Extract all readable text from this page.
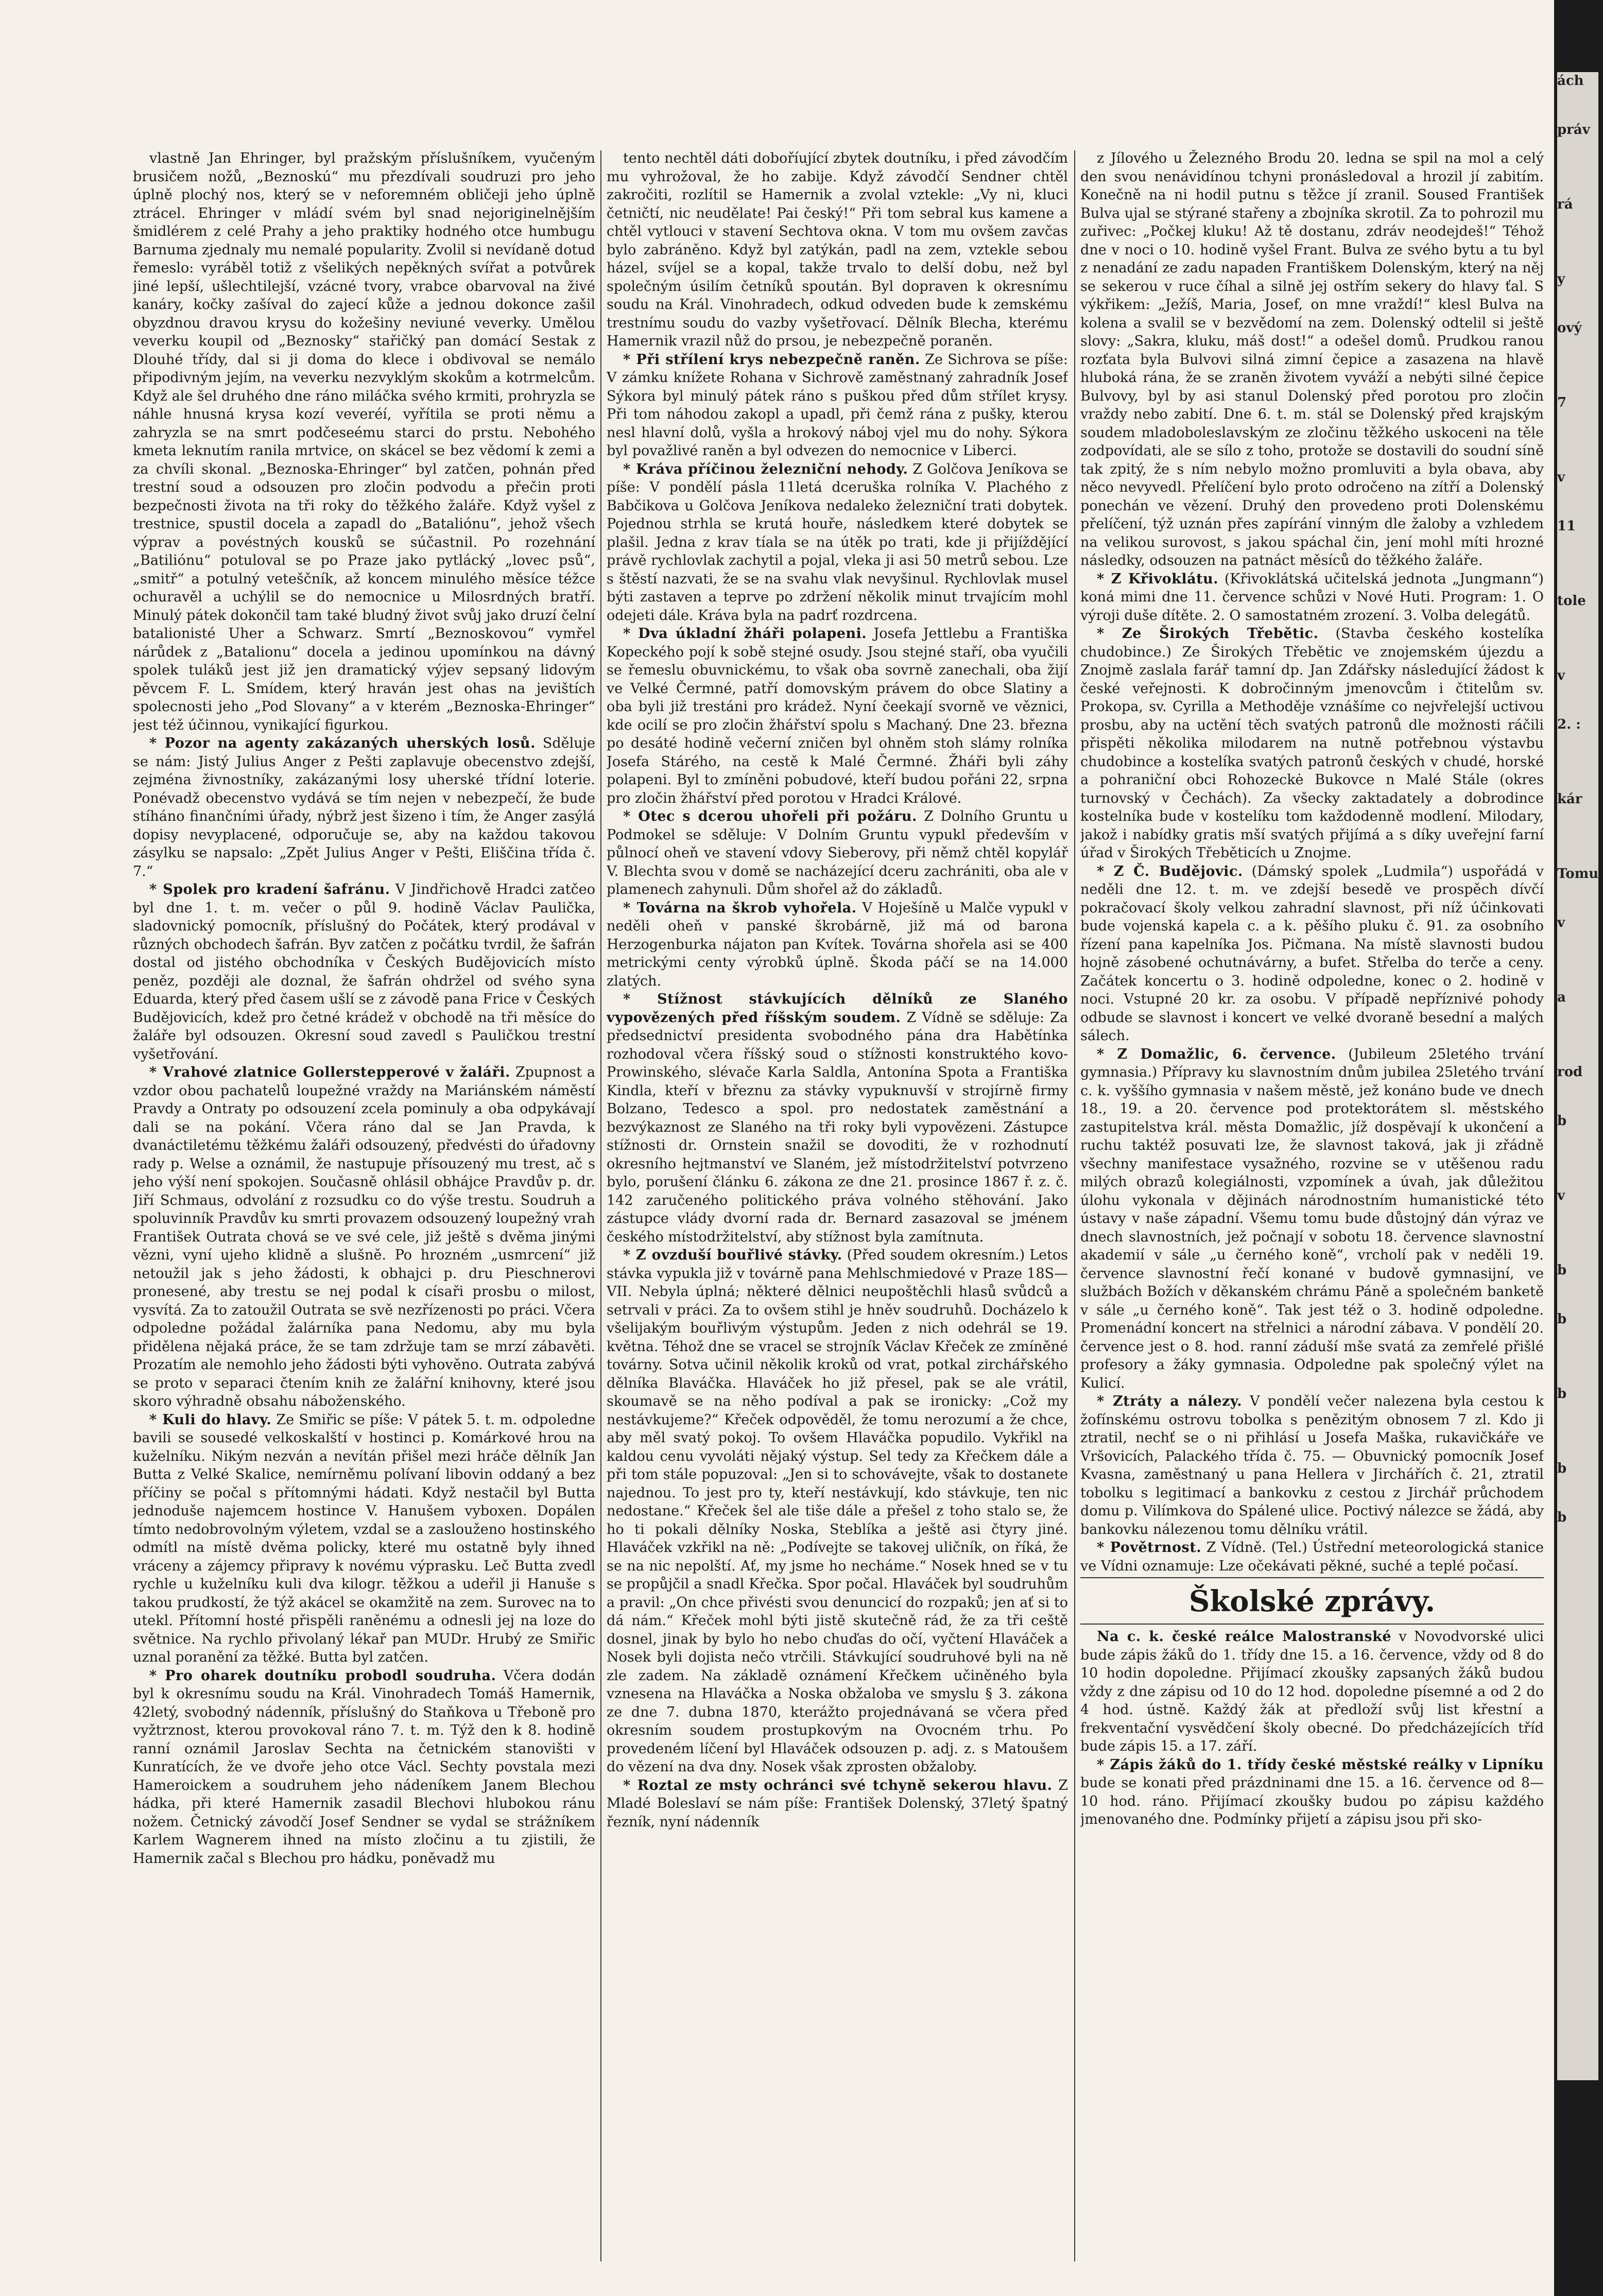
vlastně Jan Ehringer, byl pražským příslušníkem, vyučeným brusičem nožů, „Beznoskú“ mu přezdívali soudruzi pro jeho úplně plochý nos, který se v neforemném obličeji jeho úplně ztrácel. Ehringer v mládí svém byl snad nejoriginelnějším šmidlérem z celé Prahy a jeho praktiky hodného otce humbugu Barnuma zjednaly mu nemalé popularity. Zvolil si nevídaně dotud řemeslo: vyráběl totiž z všelikých nepěkných svířat a potvůrek jiné lepší, ušlechtilejší, vzácné tvory, vrabce obarvoval na živé kanáry, kočky zašíval do zajecí kůže a jednou dokonce zašil obyzdnou dravou krysu do kožešiny neviuné veverky. Umělou veverku koupil od „Beznosky“ stařičký pan domácí Sestak z Dlouhé třídy, dal si ji doma do klece i obdivoval se nemálo připodivným jejím, na veverku nezvyklým skokům a kotrmelcům. Když ale šel druhého dne ráno miláčka svého krmiti, prohryzla se náhle hnusná krysa kozí veveréí, vyřítila se proti němu a zahryzla se na smrt podčeseému starci do prstu. Nebohého kmeta leknutím ranila mrtvice, on skácel se bez vědomí k zemi a za chvíli skonal. „Beznoska-Ehringer“ byl zatčen, pohnán před trestní soud a odsouzen pro zločin podvodu a přečin proti bezpečnosti života na tři roky do těžkého žaláře. Když vyšel z trestnice, spustil docela a zapadl do „Bataliónu“, jehož všech výprav a povéstných kousků se súčastnil. Po rozehnání „Batiliónu“ potuloval se po Praze jako pytlácký „lovec psů“, „smitř“ a potulný veteščník, až koncem minulého měsíce téžce ochuravěl a uchýlil se do nemocnice u Milosrdných bratří. Minulý pátek dokončil tam také bludný život svůj jako druzí čelní batalionisté Uher a Schwarz. Smrtí „Beznoskovou“ vymřel nárůdek z „Batalionu“ docela a jedinou upomínkou na dávný spolek tuláků jest již jen dramatický výjev sepsaný lidovým pěvcem F. L. Smídem, který hraván jest ohas na jevištích spolecnosti jeho „Pod Slovany“ a v kterém „Beznoska-Ehringer“ jest též účinnou, vynikající figurkou.

* Pozor na agenty zakázaných uherských losů. Sděluje se nám: Jistý Julius Anger z Pešti zaplavuje obecenstvo zdejší, zejména živnostníky, zakázanými losy uherské třídní loterie. Ponévadž obecenstvo vydává se tím nejen v nebezpečí, že bude stíháno finančními úřady, nýbrž jest šizeno i tím, že Anger zasýlá dopisy nevyplacené, odporučuje se, aby na každou takovou zásylku se napsalo: „Zpět Julius Anger v Pešti, Eliščina třída č. 7.“

* Spolek pro kradení šafránu. V Jindřichově Hradci zatčeo byl dne 1. t. m. večer o půl 9. hodině Václav Paulička, sladovnický pomocník, příslušný do Počátek, který prodával v různých obchodech šafrán. Byv zatčen z počátku tvrdil, že šafrán dostal od jistého obchodníka v Českých Budějovicích místo peněz, později ale doznal, že šafrán ohdržel od svého syna Eduarda, který před časem ušlí se z závodě pana Frice v Českých Budějovicích, kdež pro četné krádež v obchodě na tři měsíce do žaláře byl odsouzen. Okresní soud zavedl s Pauličkou trestní vyšetřování.

* Vrahové zlatnice Gollerstepperové v žaláři. Zpupnost a vzdor obou pachatelů loupežné vraždy na Mariánském náměstí Pravdy a Ontraty po odsouzení zcela pominuly a oba odpykávají dali se na pokání. Včera ráno dal se Jan Pravda, k dvanáctiletému těžkému žaláři odsouzený, předvésti do úřadovny rady p. Welse a oznámil, že nastupuje přísouzený mu trest, ač s jeho výší není spokojen. Současně ohlásil obhájce Pravdův p. dr. Jiří Schmaus, odvolání z rozsudku co do výše trestu. Soudruh a spoluvinník Pravdův ku smrti provazem odsouzený loupežný vrah František Outrata chová se ve své cele, již ještě s dvěma jinými vězni, vyní ujeho klidně a slušně. Po hrozném „usmrcení“ již netoužil jak s jeho žádosti, k obhajci p. dru Pieschnerovi pronesené, aby trestu se nej podal k císaři prosbu o milost, vysvítá. Za to zatoužil Outrata se svě nezřízenosti po práci. Včera odpoledne požádal žalárníka pana Nedomu, aby mu byla přidělena nějaká práce, že se tam zdržuje tam se mrzí zábavěti. Prozatím ale nemohlo jeho žádosti býti vyhověno. Outrata zabývá se proto v separaci čtením knih ze žalářní knihovny, které jsou skoro výhradně obsahu náboženského.

* Kuli do hlavy. Ze Smiřic se píše: V pátek 5. t. m. odpoledne bavili se sousedé velkoskalští v hostinci p. Komárkové hrou na kuželníku. Nikým nezván a nevítán přišel mezi hráče dělník Jan Butta z Velké Skalice, nemírněmu polívaní libovin oddaný a bez příčiny se počal s přítomnými hádati. Když nestačil byl Butta jednoduše najemcem hostince V. Hanušem vyboxen. Dopálen tímto nedobrovolným výletem, vzdal se a zaslouženo hostinského odmítl na místě dvěma policky, které mu ostatně byly ihned vráceny a zájemcy připravy k novému výprasku. Leč Butta zvedl rychle u kuželníku kuli dva kilogr. těžkou a udeřil ji Hanuše s takou prudkostí, že týž akácel se okamžitě na zem. Surovec na to utekl. Přítomní hosté přispěli raněnému a odnesli jej na loze do světnice. Na rychlo přivolaný lékař pan MUDr. Hrubý ze Smiřic uznal poranění za těžké. Butta byl zatčen.

* Pro oharek doutníku probodl soudruha. Včera dodán byl k okresnímu soudu na Král. Vinohradech Tomáš Hamernik, 42letý, svobodný nádenník, příslušný do Staňkova u Třeboně pro vyžtrznost, kterou provokoval ráno 7. t. m. Týž den k 8. hodině ranní oznámil Jaroslav Sechta na četnickém stanovišti v Kunratících, že ve dvoře jeho otce Václ. Sechty povstala mezi Hameroickem a soudruhem jeho nádeníkem Janem Blechou hádka, při které Hamernik zasadil Blechovi hlubokou ránu nožem. Četnický závodčí Josef Sendner se vydal se strážníkem Karlem Wagnerem ihned na místo zločinu a tu zjistili, že Hamernik začal s Blechou pro hádku, poněvadž mu

tento nechtěl dáti doboříující zbytek doutníku, i před závodčím mu vyhrožoval, že ho zabije. Když závodčí Sendner chtěl zakročiti, rozlítil se Hamernik a zvolal vztekle: „Vy ni, kluci četničtí, nic neudělate! Pai český!“ Při tom sebral kus kamene a chtěl vytlouci v stavení Sechtova okna. V tom mu ovšem zavčas bylo zabráněno. Když byl zatýkán, padl na zem, vztekle sebou házel, svíjel se a kopal, takže trvalo to delší dobu, než byl společným úsilím četníků spoután. Byl dopraven k okresnímu soudu na Král. Vinohradech, odkud odveden bude k zemskému trestnímu soudu do vazby vyšetřovací. Dělník Blecha, kterému Hamernik vrazil nůž do prsou, je nebezpečně poraněn.

* Při střílení krys nebezpečně raněn. Ze Sichrova se píše: V zámku knížete Rohana v Sichrově zaměstnaný zahradník Josef Sýkora byl minulý pátek ráno s puškou před dům střílet krysy. Při tom náhodou zakopl a upadl, při čemž rána z pušky, kterou nesl hlavní dolů, vyšla a hrokový náboj vjel mu do nohy. Sýkora byl považlivé raněn a byl odvezen do nemocnice v Liberci.

* Kráva příčinou železniční nehody. Z Golčova Jeníkova se píše: V pondělí pásla 11letá dceruška rolníka V. Plachého z Babčikova u Golčova Jeníkova nedaleko železniční trati dobytek. Pojednou strhla se krutá houře, následkem které dobytek se plašil. Jedna z krav tíala se na útěk po trati, kde ji přijíždějící právě rychlovlak zachytil a pojal, vleka ji asi 50 metrů sebou. Lze s štěstí nazvati, že se na svahu vlak nevyšinul. Rychlovlak musel býti zastaven a teprve po zdržení několik minut trvajícím mohl odejeti dále. Kráva byla na padrť rozdrcena.

* Dva úkladní žháři polapeni. Josefa Jettlebu a Františka Kopeckého pojí k sobě stejné osudy. Jsou stejné staří, oba vyučili se řemeslu obuvnickému, to však oba sovrně zanechali, oba žijí ve Velké Čermné, patří domovským právem do obce Slatiny a oba byli již trestáni pro krádež. Nyní čeekají svorně ve věznici, kde ocilí se pro zločin žhářství spolu s Machaný. Dne 23. března po desáté hodině večerní zničen byl ohněm stoh slámy rolníka Josefa Stárého, na cestě k Malé Čermné. Žháři byli záhy polapeni. Byl to zmíněni pobudové, kteří budou pořáni 22, srpna pro zločin žhářství před porotou v Hradci Králové.

* Otec s dcerou uhořeli při požáru. Z Dolního Gruntu u Podmokel se sděluje: V Dolním Gruntu vypukl především v půlnocí oheň ve stavení vdovy Sieberovy, při němž chtěl kopylář V. Blechta svou v domě se nacházející dceru zachrániti, oba ale v plamenech zahynuli. Dům shořel až do základů.

* Továrna na škrob vyhořela. V Hoješíně u Malče vypukl v neděli oheň v panské škrobárně, již má od barona Herzogenburka nájaton pan Kvítek. Továrna shořela asi se 400 metrickými centy výrobků úplně. Škoda páčí se na 14.000 zlatých.

* Stížnost stávkujících dělníků ze Slaného vypovězených před říšským soudem. Z Vídně se sděluje: Za předsednictví presidenta svobodného pána dra Habětínka rozhodoval včera říšský soud o stížnosti konstruktého kovo-Prowinského, slévače Karla Saldla, Antonína Spota a Františka Kindla, kteří v březnu za stávky vypuknuvší v strojírně firmy Bolzano, Tedesco a spol. pro nedostatek zaměstnání a bezvýkaznost ze Slaného na tři roky byli vypovězeni. Zástupce stížnosti dr. Ornstein snažil se dovoditi, že v rozhodnutí okresního hejtmanství ve Slaném, jež místodržitelství potvrzeno bylo, porušení článku 6. zákona ze dne 21. prosince 1867 ř. z. č. 142 zaručeného politického práva volného stěhování. Jako zástupce vlády dvorní rada dr. Bernard zasazoval se jménem českého místodržitelství, aby stížnost byla zamítnuta.

* Z ovzduší bouřlivé stávky. (Před soudem okresním.) Letos stávka vypukla již v továrně pana Mehlschmiedové v Praze 18S—VII. Nebyla úplná; některé dělnici neupoštěchli hlasů svůdců a setrvali v práci. Za to ovšem stihl je hněv soudruhů. Docházelo k všelijakým bouřlivým výstupům. Jeden z nich odehrál se 19. května. Téhož dne se vracel se strojník Václav Křeček ze zmíněné továrny. Sotva učinil několik kroků od vrat, potkal zirchářského dělníka Blaváčka. Hlaváček ho již přesel, pak se ale vrátil, skoumavě se na něho podíval a pak se ironicky: „Což my nestávkujeme?“ Křeček odpověděl, že tomu nerozumí a že chce, aby měl svatý pokoj. To ovšem Hlaváčka popudilo. Vykřikl na kaldou cenu vyvoláti nějaký výstup. Sel tedy za Křečkem dále a při tom stále popuzoval: „Jen si to schovávejte, však to dostanete najednou. To jest pro ty, kteří nestávkují, kdo stávkuje, ten nic nedostane.“ Křeček šel ale tiše dále a přešel z toho stalo se, že ho ti pokali dělníky Noska, Steblíka a ještě asi čtyry jiné. Hlaváček vzkřikl na ně: „Podívejte se takovej uličník, on říká, že se na nic nepolští. Ať, my jsme ho necháme.“ Nosek hned se v tu se propůjčil a snadl Křečka. Spor počal. Hlaváček byl soudruhům a pravil: „On chce přivésti svou denuncicí do rozpaků; jen ať si to dá nám.“ Křeček mohl býti jistě skutečně rád, že za tři ceště dosnel, jinak by bylo ho nebo chuďas do očí, vyčtení Hlaváček a Nosek byli dojista nečo vtrčili. Stávkující soudruhové byli na ně zle zadem. Na základě oznámení Křečkem učiněného byla vznesena na Hlaváčka a Noska obžaloba ve smyslu § 3. zákona ze dne 7. dubna 1870, kterážto projednávaná se včera před okresním soudem prostupkovým na Ovocném trhu. Po provedeném líčení byl Hlaváček odsouzen p. adj. z. s Matoušem do vězení na dva dny. Nosek však zprosten obžaloby.

* Roztal ze msty ochránci své tchyně sekerou hlavu. Z Mladé Boleslaví se nám píše: František Dolenský, 37letý špatný řezník, nyní nádenník

z Jílového u Železného Brodu 20. ledna se spil na mol a celý den svou nenávidínou tchyni pronásledoval a hrozil jí zabitím. Konečně na ni hodil putnu s těžce jí zranil. Soused František Bulva ujal se stýrané stařeny a zbojníka skrotil. Za to pohrozil mu zuřivec: „Počkej kluku! Až tě dostanu, zdráv neodejdeš!“ Téhož dne v noci o 10. hodině vyšel Frant. Bulva ze svého bytu a tu byl z nenadání ze zadu napaden Františkem Dolenským, který na něj se sekerou v ruce číhal a silně jej ostřím sekery do hlavy ťal. S výkřikem: „Ježíš, Maria, Josef, on mne vraždí!“ klesl Bulva na kolena a svalil se v bezvědomí na zem. Dolenský odtelil si ještě slovy: „Sakra, kluku, máš dost!“ a odešel domů. Prudkou ranou rozťata byla Bulvovi silná zimní čepice a zasazena na hlavě hluboká rána, že se zraněn životem vyváží a nebýti silné čepice Bulvovy, byl by asi stanul Dolenský před porotou pro zločin vraždy nebo zabití. Dne 6. t. m. stál se Dolenský před krajským soudem mladoboleslavským ze zločinu těžkého uskoceni na těle zodpovídati, ale se sílo z toho, protože se dostavili do soudní síně tak zpitý, že s ním nebylo možno promluviti a byla obava, aby něco nevyvedl. Přelíčení bylo proto odročeno na zítří a Dolenský ponechán ve vězení. Druhý den provedeno proti Dolenskému přelíčení, týž uznán přes zapírání vinným dle žaloby a vzhledem na velikou surovost, s jakou spáchal čin, jení mohl míti hrozné následky, odsouzen na patnáct měsíců do těžkého žaláře.

* Z Křivoklátu. (Křivoklátská učitelská jednota „Jungmann“) koná mimi dne 11. července schůzi v Nové Huti. Program: 1. O výroji duše dítěte. 2. O samostatném zrození. 3. Volba delegátů.

* Ze Širokých Třebětic. (Stavba českého kostelíka chudobince.) Ze Širokých Třebětic ve znojemském újezdu a Znojmě zaslala farář tamní dp. Jan Zdářsky následující žádost k české veřejnosti. K dobročinným jmenovcům i čtitelům sv. Prokopa, sv. Cyrilla a Methoděje vznášíme co nejvřelejší uctivou prosbu, aby na uctění těch svatých patronů dle možnosti ráčili přispěti několika milodarem na nutně potřebnou výstavbu chudobince a kostelíka svatých patronů českých v chudé, horské a pohraniční obci Rohozeckė Bukovce n Malé Stále (okres turnovský v Čechách). Za všecky zaktadately a dobrodince kostelníka bude v kostelíku tom každodenně modlení. Milodary, jakož i nabídky gratis mší svatých přijímá a s díky uveřejní farní úřad v Širokých Třeběticích u Znojme.

* Z Č. Budějovic. (Dámský spolek „Ludmila“) uspořádá v neděli dne 12. t. m. ve zdejší besedě ve prospěch dívčí pokračovací školy velkou zahradní slavnost, při níž účinkovati bude vojenská kapela c. a k. pěšího pluku č. 91. za osobního řízení pana kapelníka Jos. Pičmana. Na místě slavnosti budou hojně zásobené ochutnávárny, a bufet. Střelba do terče a ceny. Začátek koncertu o 3. hodině odpoledne, konec o 2. hodině v noci. Vstupné 20 kr. za osobu. V případě nepříznivé pohody odbude se slavnost i koncert ve velké dvoraně besední a malých sálech.

* Z Domažlic, 6. července. (Jubileum 25letého trvání gymnasia.) Přípravy ku slavnostním dnům jubilea 25letého trvání c. k. vyššího gymnasia v našem městě, jež konáno bude ve dnech 18., 19. a 20. července pod protektorátem sl. městského zastupitelstva král. města Domažlic, jíž dospěvají k ukončení a ruchu taktéž posuvati lze, že slavnost taková, jak ji zřádně všechny manifestace vysažného, rozvine se v utěšenou radu milých obrazů kolegiálnosti, vzpomínek a úvah, jak důležitou úlohu vykonala v dějinách národnostním humanistické této ústavy v naše západní. Všemu tomu bude důstojný dán výraz ve dnech slavnostních, jež počnají v sobotu 18. července slavnostní akademií v sále „u černého koně“, vrcholí pak v neděli 19. července slavnostní řečí konané v budově gymnasijní, ve službách Božích v děkanském chrámu Páně a společném banketě v sále „u černého koně“. Tak jest též o 3. hodině odpoledne. Promenádní koncert na střelnici a národní zábava. V pondělí 20. července jest o 8. hod. ranní záduší mše svatá za zemřelé přišlé profesory a žáky gymnasia. Odpoledne pak společný výlet na Kulicí.

* Ztráty a nálezy. V pondělí večer nalezena byla cestou k žofínskému ostrovu tobolka s penězitým obnosem 7 zl. Kdo ji ztratil, nechť se o ni přihlásí u Josefa Maška, rukavičkáře ve Vršovicích, Palackého třída č. 75. — Obuvnický pomocník Josef Kvasna, zaměstnaný u pana Hellera v Jirchářích č. 21, ztratil tobolku s legitimací a bankovku z cestou z Jirchář průchodem domu p. Vilímkova do Spálené ulice. Poctivý nálezce se žádá, aby bankovku nálezenou tomu dělníku vrátil.

* Povětrnost. Z Vídně. (Tel.) Ústřední meteorologická stanice ve Vídni oznamuje: Lze očekávati pěkné, suché a teplé počasí.

Školské zprávy.

Na c. k. české reálce Malostranské v Novodvorské ulici bude zápis žáků do 1. třídy dne 15. a 16. července, vždy od 8 do 10 hodin dopoledne. Přijímací zkoušky zapsaných žáků budou vždy z dne zápisu od 10 do 12 hod. dopoledne písemné a od 2 do 4 hod. ústně. Každý žák at předloží svůj list křestní a frekventační vysvědčení školy obecné. Do předcházejících tříd bude zápis 15. a 17. září.

* Zápis žáků do 1. třídy české městské reálky v Lipníku bude se konati před prázdninami dne 15. a 16. července od 8—10 hod. ráno. Přijímací zkoušky budou po zápisu každého jmenovaného dne. Podmínky přijetí a zápisu jsou při sko-

ách
práv
rá
y
ový
7
v
11
tole
v
2. :
kár
Tomu
v
a
rod
b
v
b
b
b
b
b
